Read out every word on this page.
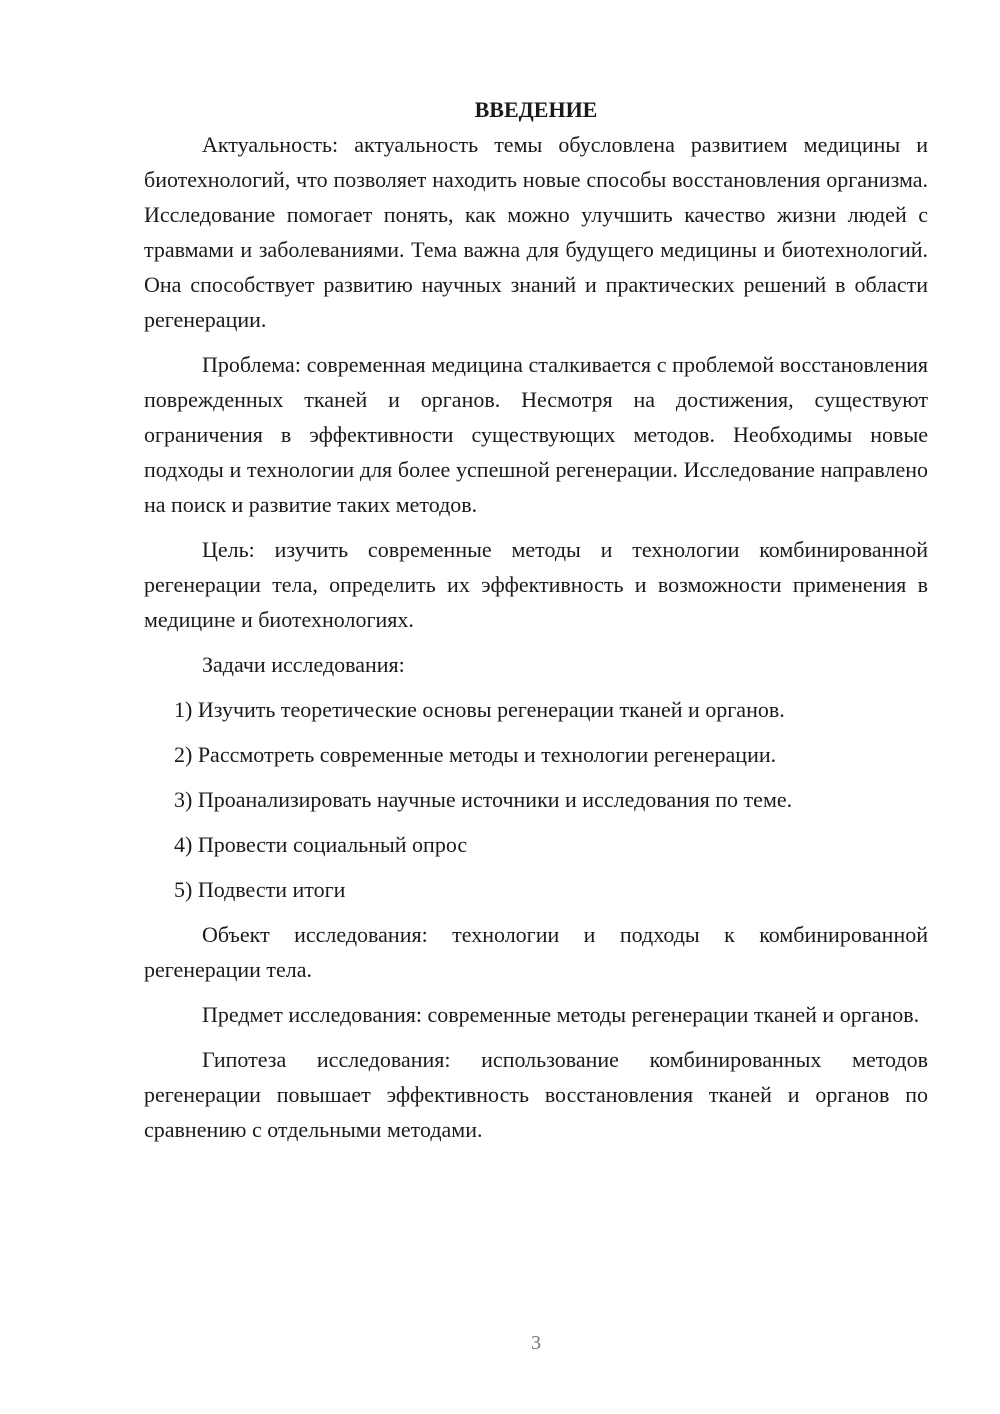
ВВЕДЕНИЕ

Актуальность: актуальность темы обусловлена развитием медицины и биотехнологий, что позволяет находить новые способы восстановления организма. Исследование помогает понять, как можно улучшить качество жизни людей с травмами и заболеваниями. Тема важна для будущего медицины и биотехнологий. Она способствует развитию научных знаний и практических решений в области регенерации.

Проблема: современная медицина сталкивается с проблемой восстановления поврежденных тканей и органов. Несмотря на достижения, существуют ограничения в эффективности существующих методов. Необходимы новые подходы и технологии для более успешной регенерации. Исследование направлено на поиск и развитие таких методов.

Цель: изучить современные методы и технологии комбинированной регенерации тела, определить их эффективность и возможности применения в медицине и биотехнологиях.

Задачи исследования:

1) Изучить теоретические основы регенерации тканей и органов.
2) Рассмотреть современные методы и технологии регенерации.
3) Проанализировать научные источники и исследования по теме.
4) Провести социальный опрос
5) Подвести итоги

Объект исследования: технологии и подходы к комбинированной регенерации тела.

Предмет исследования: современные методы регенерации тканей и органов.

Гипотеза исследования: использование комбинированных методов регенерации повышает эффективность восстановления тканей и органов по сравнению с отдельными методами.

3
